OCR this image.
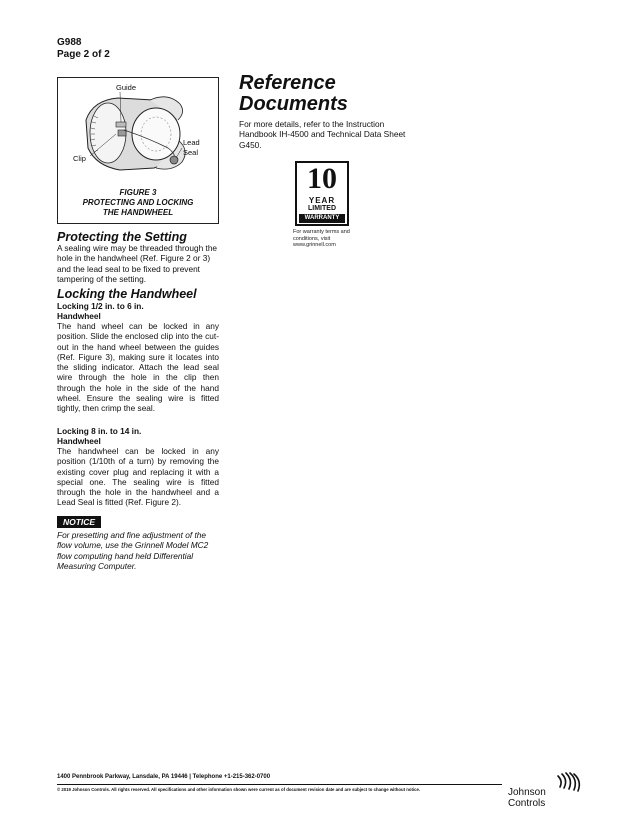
G988
Page 2 of 2
Guide
Lead
Seal
Clip
FIGURE 3
PROTECTING AND LOCKING
THE HANDWHEEL
Protecting the Setting
A sealing wire may be threaded through the hole in the handwheel (Ref. Figure 2 or 3) and the lead seal to be fixed to prevent tampering of the setting.
Locking the Handwheel
Locking 1/2 in. to 6 in.
Handwheel
The hand wheel can be locked in any position. Slide the enclosed clip into the cut-out in the hand wheel between the guides (Ref. Figure 3), making sure it locates into the sliding indicator. Attach the lead seal wire through the hole in the clip then through the hole in the side of the hand wheel. Ensure the sealing wire is fitted tightly, then crimp the seal.
Locking 8 in. to 14 in.
Handwheel
The handwheel can be locked in any position (1/10th of a turn) by removing the existing cover plug and replacing it with a special one. The sealing wire is fitted through the hole in the handwheel and a Lead Seal is fitted (Ref. Figure 2).
NOTICE
For presetting and fine adjustment of the flow volume, use the Grinnell Model MC2 flow computing hand held Differential Measuring Computer.
Reference
Documents
For more details, refer to the Instruction Handbook IH-4500 and Technical Data Sheet G450.
10
YEAR
LIMITED
WARRANTY
For warranty terms and conditions, visit www.grinnell.com
1400 Pennbrook Parkway, Lansdale, PA 19446 | Telephone +1-215-362-0700
© 2019 Johnson Controls. All rights reserved. All specifications and other information shown were current as of document revision date and are subject to change without notice.	Johnson
Controls
